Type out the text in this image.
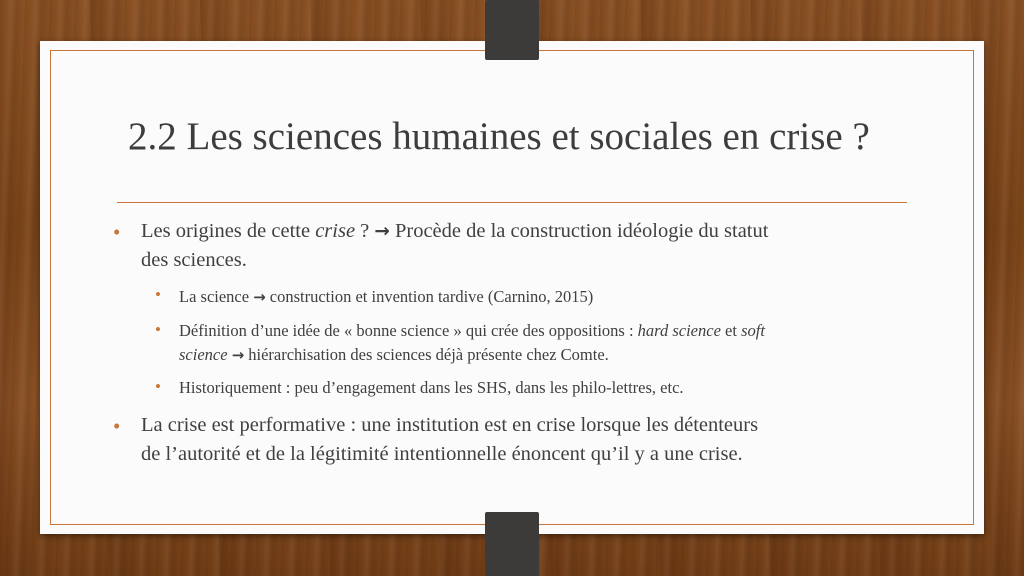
2.2 Les sciences humaines et sociales en crise ?
• Les origines de cette crise ? → Procède de la construction idéologie du statut
des sciences.
• La science → construction et invention tardive (Carnino, 2015)
• Définition d’une idée de « bonne science » qui crée des oppositions : hard science et soft
science → hiérarchisation des sciences déjà présente chez Comte.
• Historiquement : peu d’engagement dans les SHS, dans les philo-lettres, etc.
• La crise est performative : une institution est en crise lorsque les détenteurs
de l’autorité et de la légitimité intentionnelle énoncent qu’il y a une crise.
